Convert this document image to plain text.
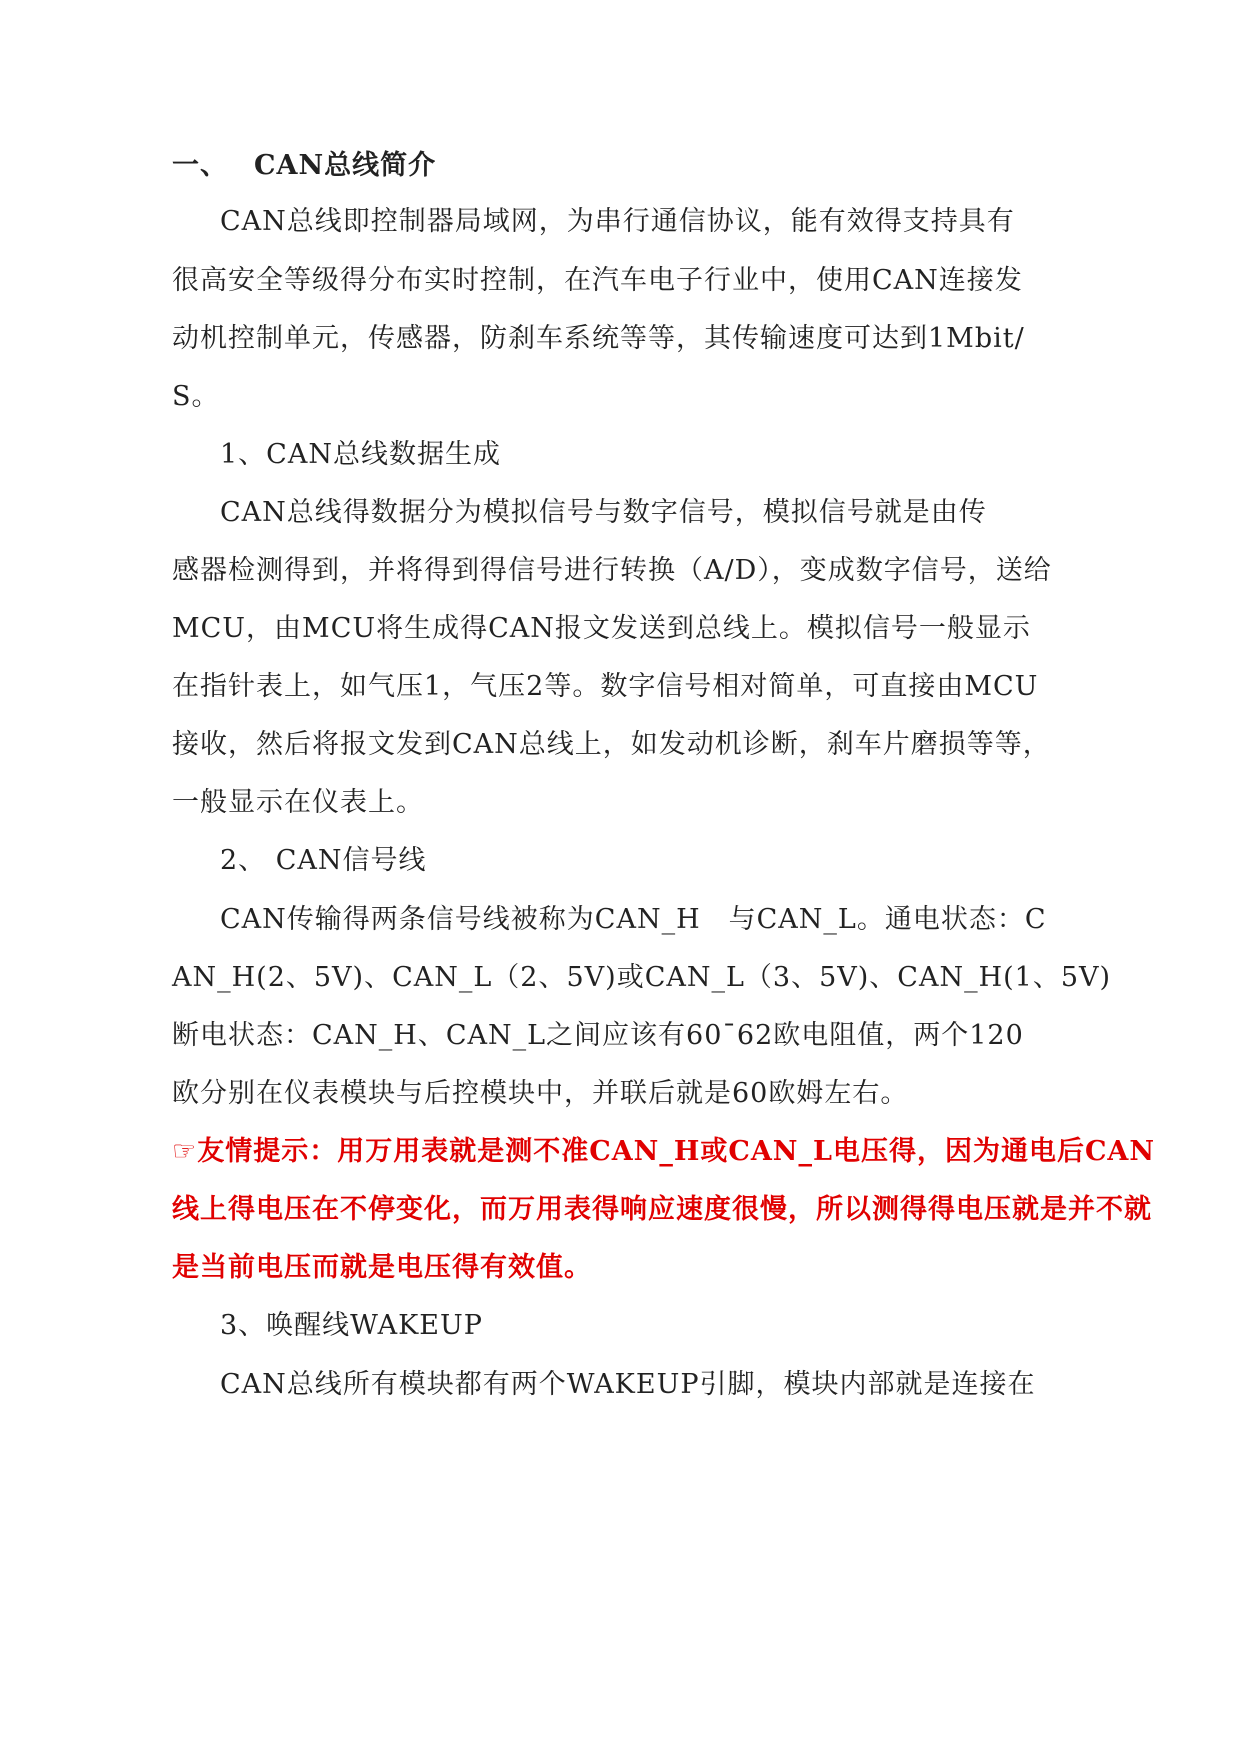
一、 CAN总线简介
CAN总线即控制器局域网，为串行通信协议，能有效得支持具有
很高安全等级得分布实时控制，在汽车电子行业中，使用CAN连接发
动机控制单元，传感器，防刹车系统等等，其传输速度可达到1Mbit/
S。
1、CAN总线数据生成
CAN总线得数据分为模拟信号与数字信号，模拟信号就是由传
感器检测得到，并将得到得信号进行转换（A/D），变成数字信号，送给
MCU，由MCU将生成得CAN报文发送到总线上。模拟信号一般显示
在指针表上，如气压1，气压2等。数字信号相对简单，可直接由MCU
接收，然后将报文发到CAN总线上，如发动机诊断，刹车片磨损等等，
一般显示在仪表上。
2、 CAN信号线
CAN传输得两条信号线被称为CAN_H　与CAN_L。通电状态：C
AN_H(2、5V)、CAN_L（2、5V)或CAN_L（3、5V)、CAN_H(1、5V)
断电状态：CAN_H、CAN_L之间应该有60¯62欧电阻值，两个120
欧分别在仪表模块与后控模块中，并联后就是60欧姆左右。
☞友情提示：用万用表就是测不准CAN_H或CAN_L电压得，因为通电后CAN
线上得电压在不停变化，而万用表得响应速度很慢，所以测得得电压就是并不就
是当前电压而就是电压得有效值。
3、唤醒线WAKEUP
CAN总线所有模块都有两个WAKEUP引脚，模块内部就是连接在
